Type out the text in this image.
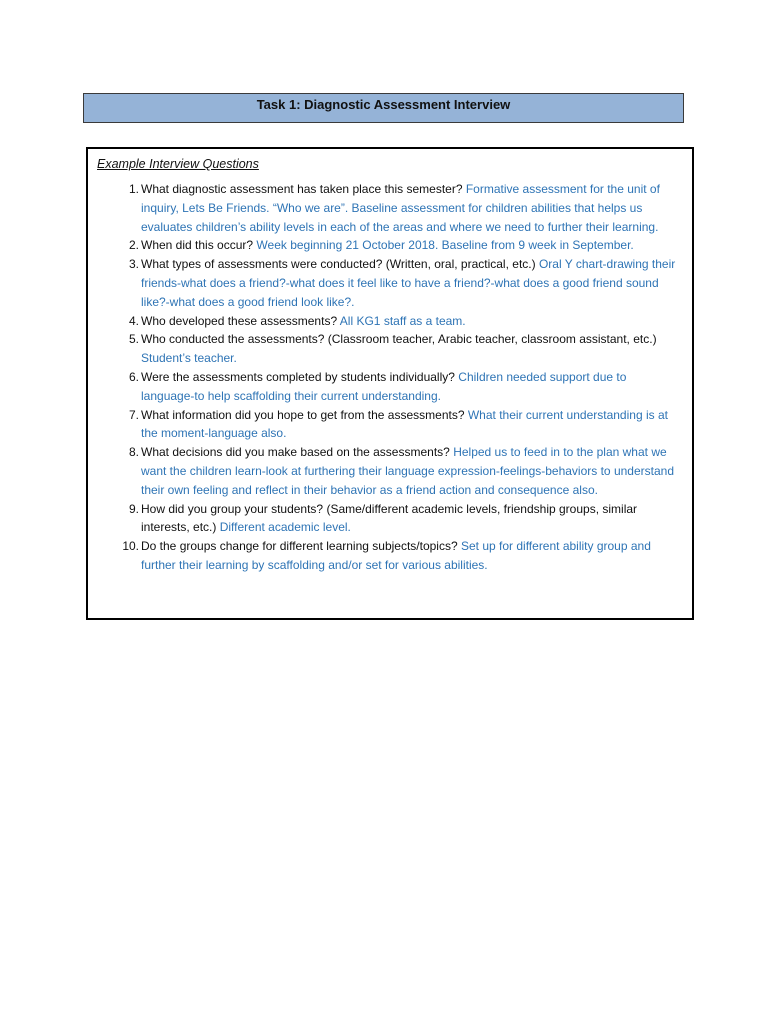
Task 1: Diagnostic Assessment Interview
Example Interview Questions
1. What diagnostic assessment has taken place this semester? Formative assessment for the unit of inquiry, Lets Be Friends. “Who we are”. Baseline assessment for children abilities that helps us evaluates children’s ability levels in each of the areas and where we need to further their learning.
2. When did this occur? Week beginning 21 October 2018. Baseline from 9 week in September.
3. What types of assessments were conducted? (Written, oral, practical, etc.) Oral Y chart-drawing their friends-what does a friend?-what does it feel like to have a friend?-what does a good friend sound like?-what does a good friend look like?.
4. Who developed these assessments? All KG1 staff as a team.
5. Who conducted the assessments? (Classroom teacher, Arabic teacher, classroom assistant, etc.) Student’s teacher.
6. Were the assessments completed by students individually? Children needed support due to language-to help scaffolding their current understanding.
7. What information did you hope to get from the assessments? What their current understanding is at the moment-language also.
8. What decisions did you make based on the assessments? Helped us to feed in to the plan what we want the children learn-look at furthering their language expression-feelings-behaviors to understand their own feeling and reflect in their behavior as a friend action and consequence also.
9. How did you group your students? (Same/different academic levels, friendship groups, similar interests, etc.) Different academic level.
10. Do the groups change for different learning subjects/topics? Set up for different ability group and further their learning by scaffolding and/or set for various abilities.
